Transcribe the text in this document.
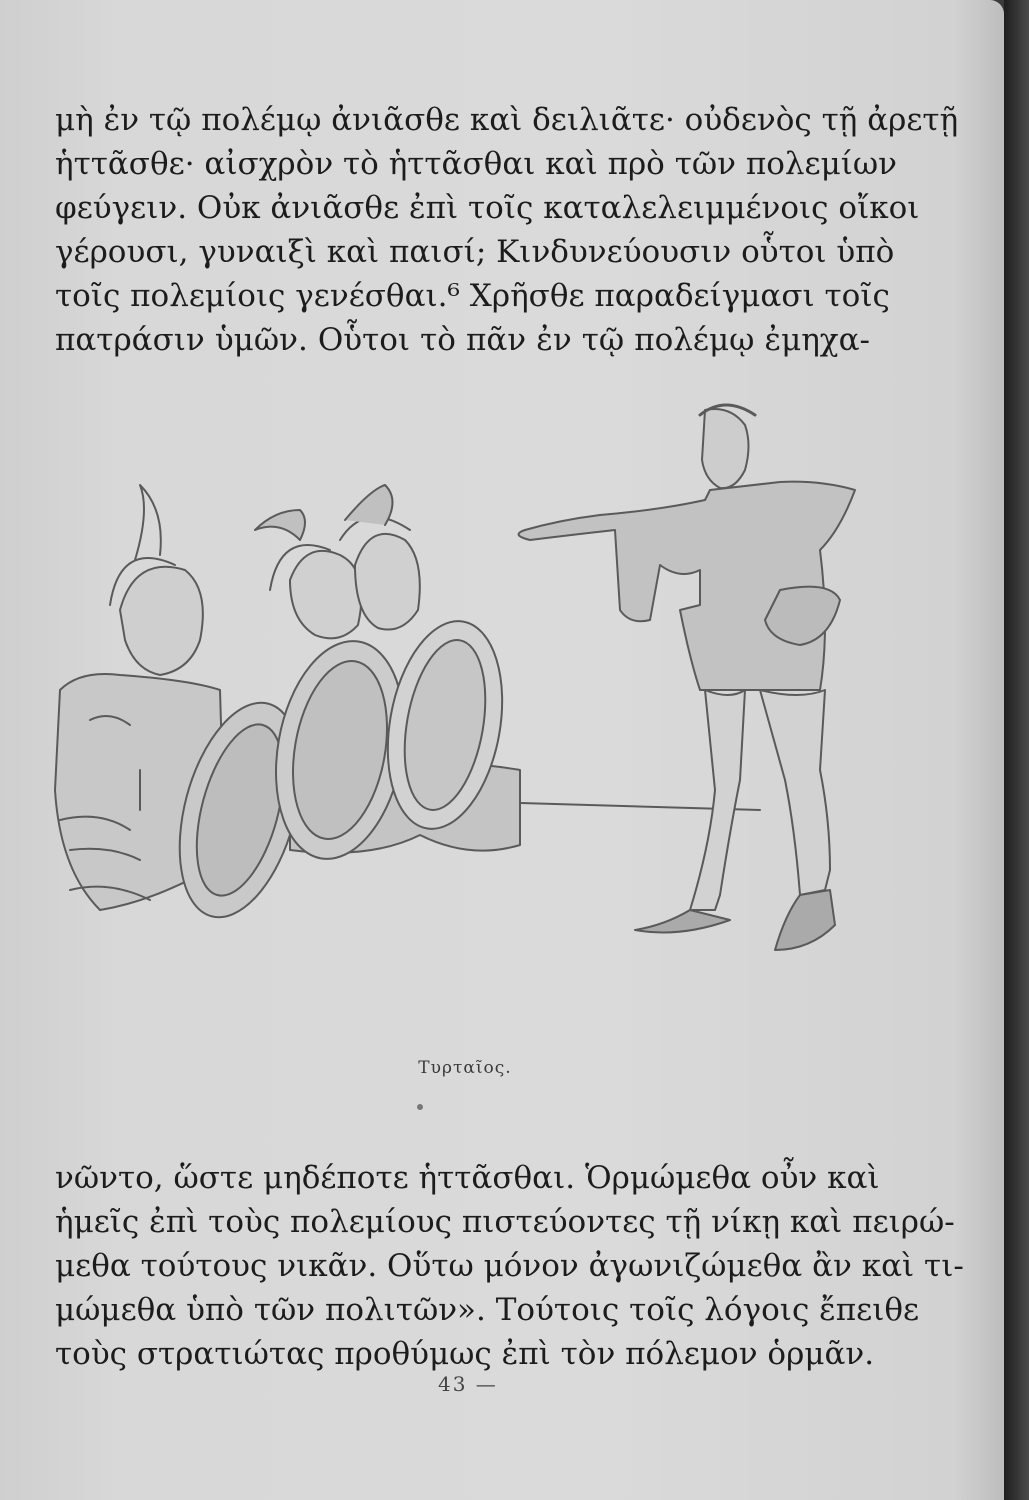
μὴ ἐν τῷ πολέμῳ ἀνιᾶσθε καὶ δειλιᾶτε· οὐδενὸς τῇ ἀρετῇ
ἡττᾶσθε· αἰσχρὸν τὸ ἡττᾶσθαι καὶ πρὸ τῶν πολεμίων
φεύγειν. Οὐκ ἀνιᾶσθε ἐπὶ τοῖς καταλελειμμένοις οἴκοι
γέρουσι, γυναιξὶ καὶ παισί; Κινδυνεύουσιν οὗτοι ὑπὸ
τοῖς πολεμίοις γενέσθαι.⁶ Χρῆσθε παραδείγμασι τοῖς
πατράσιν ὑμῶν. Οὗτοι τὸ πᾶν ἐν τῷ πολέμῳ ἐμηχα-
Τυρταῖος.
νῶντο, ὥστε μηδέποτε ἡττᾶσθαι. Ὁρμώμεθα οὖν καὶ
ἡμεῖς ἐπὶ τοὺς πολεμίους πιστεύοντες τῇ νίκῃ καὶ πειρώ-
μεθα τούτους νικᾶν. Οὕτω μόνον ἀγωνιζώμεθα ἂν καὶ τι-
μώμεθα ὑπὸ τῶν πολιτῶν». Τούτοις τοῖς λόγοις ἔπειθε
τοὺς στρατιώτας προθύμως ἐπὶ τὸν πόλεμον ὁρμᾶν.
43 —
